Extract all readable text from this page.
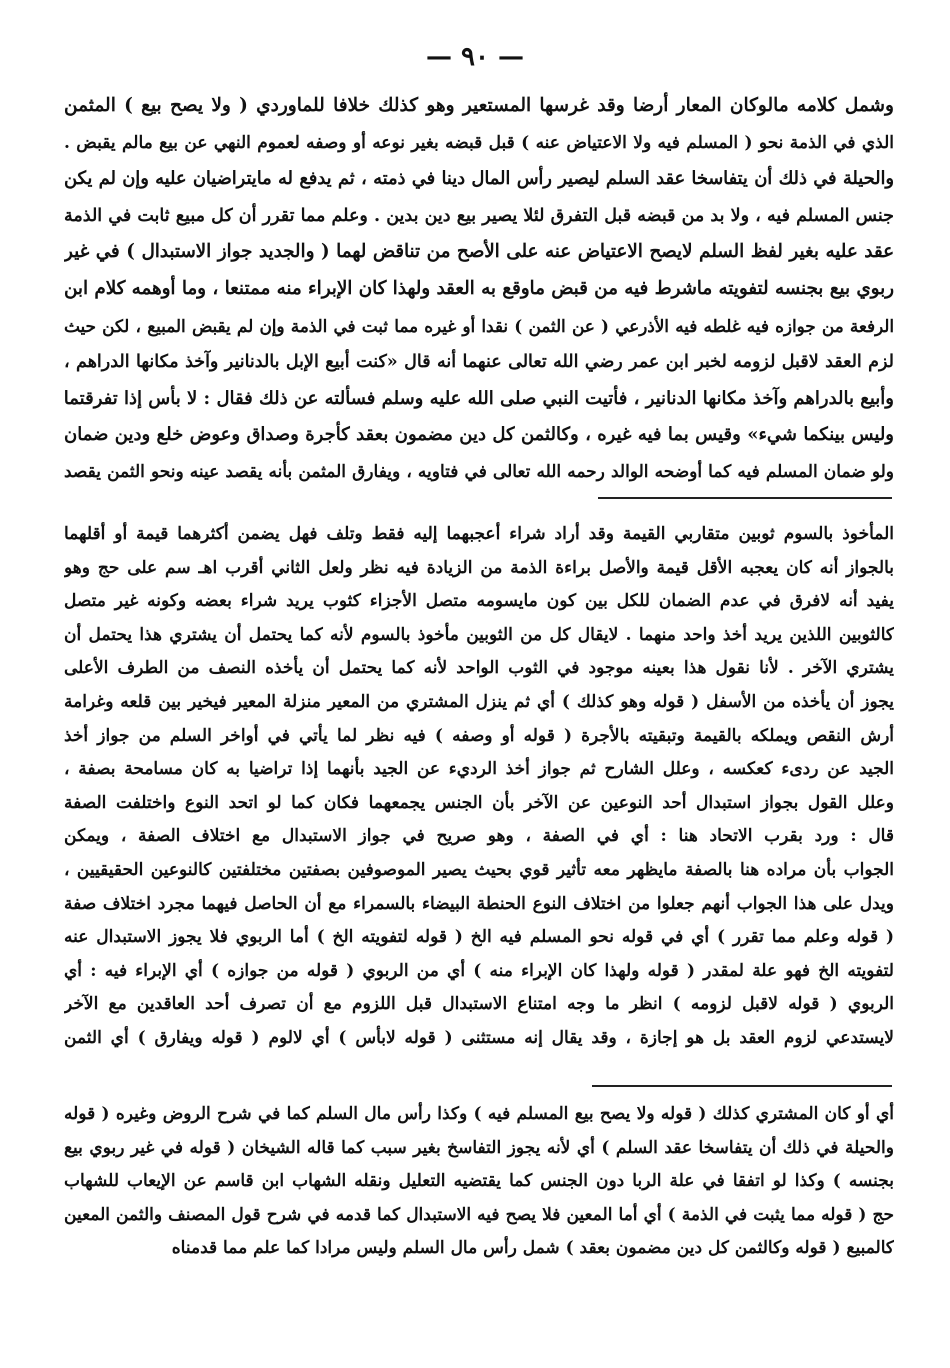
— ٩٠ —
وشمل كلامه مالوكان المعار أرضا وقد غرسها المستعير وهو كذلك خلافا للماوردي ( ولا يصح بيع ) المثمن
الذي في الذمة نحو ( المسلم فيه ولا الاعتياض عنه ) قبل قبضه بغير نوعه أو وصفه لعموم النهي عن بيع مالم يقبض .
والحيلة في ذلك أن يتفاسخا عقد السلم ليصير رأس المال دينا في ذمته ، ثم يدفع له مايتراضيان عليه وإن لم يكن
جنس المسلم فيه ، ولا بد من قبضه قبل التفرق لئلا يصير بيع دين بدين . وعلم مما تقرر أن كل مبيع ثابت في الذمة
عقد عليه بغير لفظ السلم لايصح الاعتياض عنه على الأصح من تناقض لهما ( والجديد جواز الاستبدال ) في غير
ربوي بيع بجنسه لتفويته ماشرط فيه من قبض ماوقع به العقد ولهذا كان الإبراء منه ممتنعا ، وما أوهمه كلام ابن
الرفعة من جوازه فيه غلطه فيه الأذرعي ( عن الثمن ) نقدا أو غيره مما ثبت في الذمة وإن لم يقبض المبيع ، لكن حيث
لزم العقد لاقبل لزومه لخبر ابن عمر رضي الله تعالى عنهما أنه قال «كنت أبيع الإبل بالدنانير وآخذ مكانها الدراهم ،
وأبيع بالدراهم وآخذ مكانها الدنانير ، فأتيت النبي صلى الله عليه وسلم فسألته عن ذلك فقال : لا بأس إذا تفرقتما
وليس بينكما شيء» وقيس بما فيه غيره ، وكالثمن كل دين مضمون بعقد كأجرة وصداق وعوض خلع ودين ضمان
ولو ضمان المسلم فيه كما أوضحه الوالد رحمه الله تعالى في فتاويه ، ويفارق المثمن بأنه يقصد عينه ونحو الثمن يقصد
المأخوذ بالسوم ثوبين متقاربي القيمة وقد أراد شراء أعجبهما إليه فقط وتلف فهل يضمن أكثرهما قيمة أو أقلهما
بالجواز أنه كان يعجبه الأقل قيمة والأصل براءة الذمة من الزيادة فيه نظر ولعل الثاني أقرب اهـ سم على حج وهو
يفيد أنه لافرق في عدم الضمان للكل بين كون مايسومه متصل الأجزاء كثوب يريد شراء بعضه وكونه غير متصل
كالثوبين اللذين يريد أخذ واحد منهما . لايقال كل من الثوبين مأخوذ بالسوم لأنه كما يحتمل أن يشتري هذا يحتمل أن
يشتري الآخر . لأنا نقول هذا بعينه موجود في الثوب الواحد لأنه كما يحتمل أن يأخذه النصف من الطرف الأعلى
يجوز أن يأخذه من الأسفل ( قوله وهو كذلك ) أي ثم ينزل المشتري من المعير منزلة المعير فيخير بين قلعه وغرامة
أرش النقص ويملكه بالقيمة وتبقيته بالأجرة ( قوله أو وصفه ) فيه نظر لما يأتي في أواخر السلم من جواز أخذ
الجيد عن ردىء كعكسه ، وعلل الشارح ثم جواز أخذ الرديء عن الجيد بأنهما إذا تراضيا به كان مسامحة بصفة ،
وعلل القول بجواز استبدال أحد النوعين عن الآخر بأن الجنس يجمعهما فكان كما لو اتحد النوع واختلفت الصفة
قال : ورد بقرب الاتحاد هنا : أي في الصفة ، وهو صريح في جواز الاستبدال مع اختلاف الصفة ، ويمكن
الجواب بأن مراده هنا بالصفة مايظهر معه تأثير قوي بحيث يصير الموصوفين بصفتين مختلفتين كالنوعين الحقيقيين ،
ويدل على هذا الجواب أنهم جعلوا من اختلاف النوع الحنطة البيضاء بالسمراء مع أن الحاصل فيهما مجرد اختلاف صفة
( قوله وعلم مما تقرر ) أي في قوله نحو المسلم فيه الخ ( قوله لتفويته الخ ) أما الربوي فلا يجوز الاستبدال عنه
لتفويته الخ فهو علة لمقدر ( قوله ولهذا كان الإبراء منه ) أي من الربوي ( قوله من جوازه ) أي الإبراء فيه : أي
الربوي ( قوله لاقبل لزومه ) انظر ما وجه امتناع الاستبدال قبل اللزوم مع أن تصرف أحد العاقدين مع الآخر
لايستدعي لزوم العقد بل هو إجازة ، وقد يقال إنه مستثنى ( قوله لابأس ) أي لالوم ( قوله ويفارق ) أي الثمن
أي أو كان المشتري كذلك ( قوله ولا يصح بيع المسلم فيه ) وكذا رأس مال السلم كما في شرح الروض وغيره ( قوله
والحيلة في ذلك أن يتفاسخا عقد السلم ) أي لأنه يجوز التفاسخ بغير سبب كما قاله الشيخان ( قوله في غير ربوي بيع
بجنسه ) وكذا لو اتفقا في علة الربا دون الجنس كما يقتضيه التعليل ونقله الشهاب ابن قاسم عن الإيعاب للشهاب
حج ( قوله مما يثبت في الذمة ) أي أما المعين فلا يصح فيه الاستبدال كما قدمه في شرح قول المصنف والثمن المعين
كالمبيع ( قوله وكالثمن كل دين مضمون بعقد ) شمل رأس مال السلم وليس مرادا كما علم مما قدمناه
